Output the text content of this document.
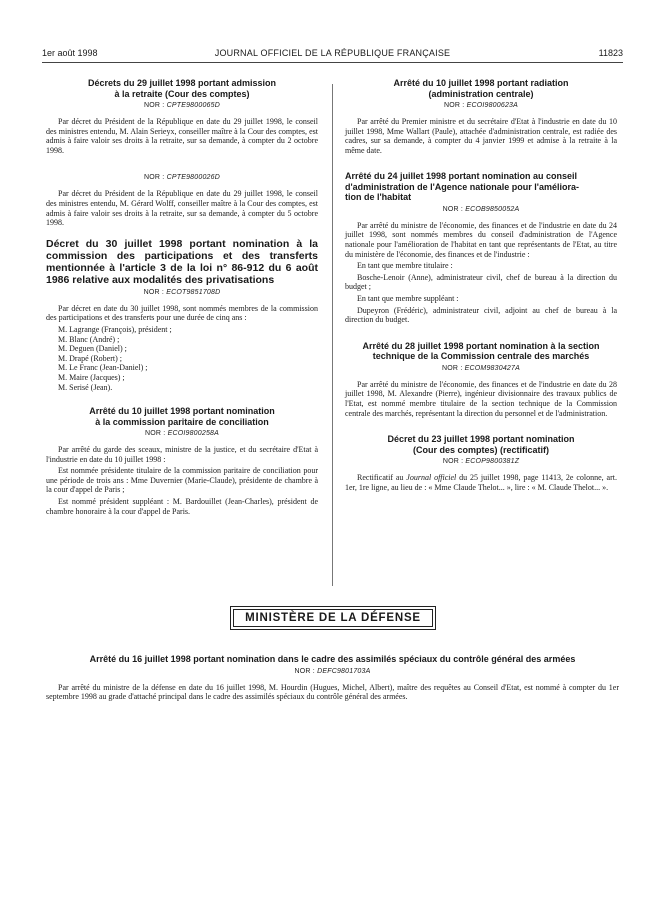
1er août 1998	JOURNAL OFFICIEL DE LA RÉPUBLIQUE FRANÇAISE	11823
Décrets du 29 juillet 1998 portant admission
à la retraite (Cour des comptes)
NOR : CPTE9800065D

Par décret du Président de la République en date du 29 juillet 1998, le conseil des ministres entendu, M. Alain Serieyx, conseiller maître à la Cour des comptes, est admis à faire valoir ses droits à la retraite, sur sa demande, à compter du 2 octobre 1998.

NOR : CPTE9800026D

Par décret du Président de la République en date du 29 juillet 1998, le conseil des ministres entendu, M. Gérard Wolff, conseiller maître à la Cour des comptes, est admis à faire valoir ses droits à la retraite, sur sa demande, à compter du 5 octobre 1998.

Décret du 30 juillet 1998 portant nomination à la commission des participations et des transferts mentionnée à l'article 3 de la loi n° 86-912 du 6 août 1986 relative aux modalités des privatisations
NOR : ECOT9851708D

Par décret en date du 30 juillet 1998, sont nommés membres de la commission des participations et des transferts pour une durée de cinq ans :

M. Lagrange (François), président ;

M. Blanc (André) ;

M. Deguen (Daniel) ;

M. Drapé (Robert) ;

M. Le Franc (Jean-Daniel) ;

M. Maire (Jacques) ;

M. Serisé (Jean).

Arrêté du 10 juillet 1998 portant nomination
à la commission paritaire de conciliation
NOR : ECOI9800258A

Par arrêté du garde des sceaux, ministre de la justice, et du secrétaire d'Etat à l'industrie en date du 10 juillet 1998 :

Est nommée présidente titulaire de la commission paritaire de conciliation pour une période de trois ans : Mme Duvernier (Marie-Claude), présidente de chambre à la cour d'appel de Paris ;

Est nommé président suppléant : M. Bardouillet (Jean-Charles), président de chambre honoraire à la cour d'appel de Paris.

Arrêté du 10 juillet 1998 portant radiation
(administration centrale)
NOR : ECOI9800623A

Par arrêté du Premier ministre et du secrétaire d'Etat à l'industrie en date du 10 juillet 1998, Mme Wallart (Paule), attachée d'administration centrale, est radiée des cadres, sur sa demande, à compter du 4 janvier 1999 et admise à la retraite à la même date.

Arrêté du 24 juillet 1998 portant nomination au conseil
d'administration de l'Agence nationale pour l'améliora-
tion de l'habitat
NOR : ECOB9850052A

Par arrêté du ministre de l'économie, des finances et de l'industrie en date du 24 juillet 1998, sont nommés membres du conseil d'administration de l'Agence nationale pour l'amélioration de l'habitat en tant que représentants de l'Etat, au titre du ministère de l'économie, des finances et de l'industrie :

En tant que membre titulaire :

Bosche-Lenoir (Anne), administrateur civil, chef de bureau à la direction du budget ;

En tant que membre suppléant :

Dupeyron (Frédéric), administrateur civil, adjoint au chef de bureau à la direction du budget.

Arrêté du 28 juillet 1998 portant nomination à la section
technique de la Commission centrale des marchés
NOR : ECOM9830427A

Par arrêté du ministre de l'économie, des finances et de l'industrie en date du 28 juillet 1998, M. Alexandre (Pierre), ingénieur divisionnaire des travaux publics de l'Etat, est nommé membre titulaire de la section technique de la Commission centrale des marchés, représentant la direction du personnel et de l'administration.

Décret du 23 juillet 1998 portant nomination
(Cour des comptes) (rectificatif)
NOR : ECOP9800381Z

Rectificatif au Journal officiel du 25 juillet 1998, page 11413, 2e colonne, art. 1er, 1re ligne, au lieu de : « Mme Claude Thelot... », lire : « M. Claude Thelot... ».

MINISTÈRE DE LA DÉFENSE
Arrêté du 16 juillet 1998 portant nomination dans le cadre des assimilés spéciaux du contrôle général des armées
NOR : DEFC9801703A

Par arrêté du ministre de la défense en date du 16 juillet 1998, M. Hourdin (Hugues, Michel, Albert), maître des requêtes au Conseil d'Etat, est nommé à compter du 1er septembre 1998 au grade d'attaché principal dans le cadre des assimilés spéciaux du contrôle général des armées.
